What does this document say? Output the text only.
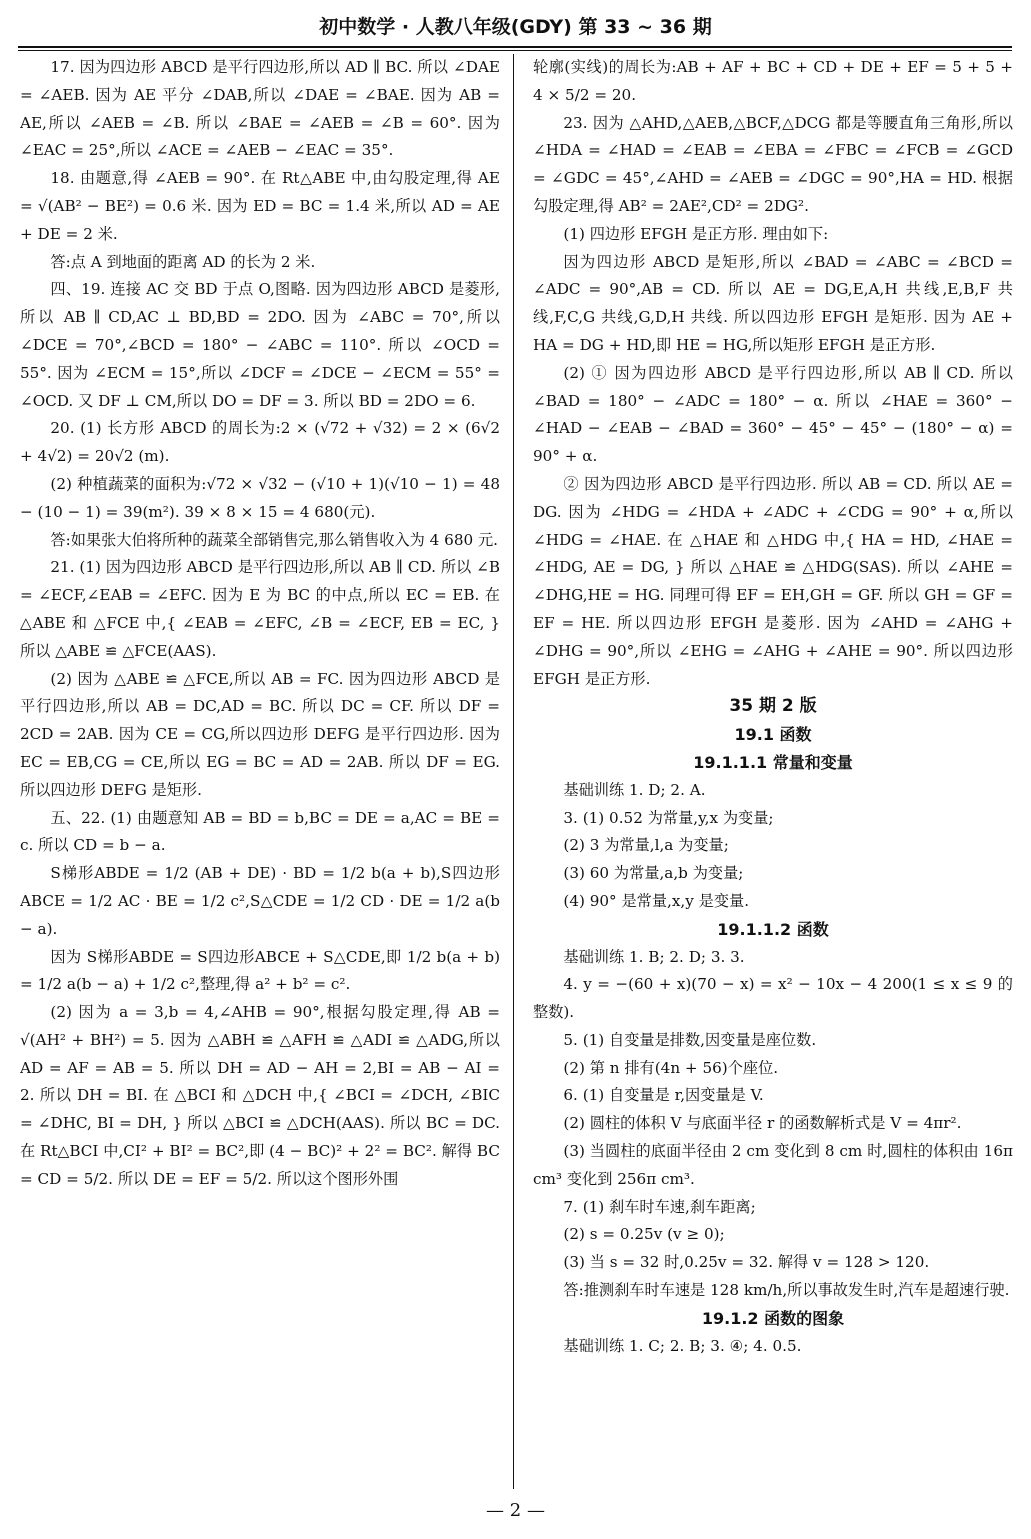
初中数学 · 人教八年级(GDY) 第 33 ~ 36 期

17. 因为四边形 ABCD 是平行四边形,所以 AD ∥ BC. 所以 ∠DAE = ∠AEB. 因为 AE 平分 ∠DAB,所以 ∠DAE = ∠BAE. 因为 AB = AE,所以 ∠AEB = ∠B. 所以 ∠BAE = ∠AEB = ∠B = 60°. 因为 ∠EAC = 25°,所以 ∠ACE = ∠AEB − ∠EAC = 35°.

18. 由题意,得 ∠AEB = 90°. 在 Rt△ABE 中,由勾股定理,得 AE = √(AB² − BE²) = 0.6 米. 因为 ED = BC = 1.4 米,所以 AD = AE + DE = 2 米.

答:点 A 到地面的距离 AD 的长为 2 米.

四、19. 连接 AC 交 BD 于点 O,图略. 因为四边形 ABCD 是菱形,所以 AB ∥ CD,AC ⊥ BD,BD = 2DO. 因为 ∠ABC = 70°,所以 ∠DCE = 70°,∠BCD = 180° − ∠ABC = 110°. 所以 ∠OCD = 55°. 因为 ∠ECM = 15°,所以 ∠DCF = ∠DCE − ∠ECM = 55° = ∠OCD. 又 DF ⊥ CM,所以 DO = DF = 3. 所以 BD = 2DO = 6.

20. (1) 长方形 ABCD 的周长为:2 × (√72 + √32) = 2 × (6√2 + 4√2) = 20√2 (m).

(2) 种植蔬菜的面积为:√72 × √32 − (√10 + 1)(√10 − 1) = 48 − (10 − 1) = 39(m²). 39 × 8 × 15 = 4 680(元).

答:如果张大伯将所种的蔬菜全部销售完,那么销售收入为 4 680 元.

21. (1) 因为四边形 ABCD 是平行四边形,所以 AB ∥ CD. 所以 ∠B = ∠ECF,∠EAB = ∠EFC. 因为 E 为 BC 的中点,所以 EC = EB. 在 △ABE 和 △FCE 中,{ ∠EAB = ∠EFC, ∠B = ∠ECF, EB = EC, } 所以 △ABE ≌ △FCE(AAS).

(2) 因为 △ABE ≌ △FCE,所以 AB = FC. 因为四边形 ABCD 是平行四边形,所以 AB = DC,AD = BC. 所以 DC = CF. 所以 DF = 2CD = 2AB. 因为 CE = CG,所以四边形 DEFG 是平行四边形. 因为 EC = EB,CG = CE,所以 EG = BC = AD = 2AB. 所以 DF = EG. 所以四边形 DEFG 是矩形.

五、22. (1) 由题意知 AB = BD = b,BC = DE = a,AC = BE = c. 所以 CD = b − a.

S梯形ABDE = 1/2 (AB + DE) · BD = 1/2 b(a + b),S四边形ABCE = 1/2 AC · BE = 1/2 c²,S△CDE = 1/2 CD · DE = 1/2 a(b − a).

因为 S梯形ABDE = S四边形ABCE + S△CDE,即 1/2 b(a + b) = 1/2 a(b − a) + 1/2 c²,整理,得 a² + b² = c².

(2) 因为 a = 3,b = 4,∠AHB = 90°,根据勾股定理,得 AB = √(AH² + BH²) = 5. 因为 △ABH ≌ △AFH ≌ △ADI ≌ △ADG,所以 AD = AF = AB = 5. 所以 DH = AD − AH = 2,BI = AB − AI = 2. 所以 DH = BI. 在 △BCI 和 △DCH 中,{ ∠BCI = ∠DCH, ∠BIC = ∠DHC, BI = DH, } 所以 △BCI ≌ △DCH(AAS). 所以 BC = DC. 在 Rt△BCI 中,CI² + BI² = BC²,即 (4 − BC)² + 2² = BC². 解得 BC = CD = 5/2. 所以 DE = EF = 5/2. 所以这个图形外围

轮廓(实线)的周长为:AB + AF + BC + CD + DE + EF = 5 + 5 + 4 × 5/2 = 20.

23. 因为 △AHD,△AEB,△BCF,△DCG 都是等腰直角三角形,所以 ∠HDA = ∠HAD = ∠EAB = ∠EBA = ∠FBC = ∠FCB = ∠GCD = ∠GDC = 45°,∠AHD = ∠AEB = ∠DGC = 90°,HA = HD. 根据勾股定理,得 AB² = 2AE²,CD² = 2DG².

(1) 四边形 EFGH 是正方形. 理由如下:

因为四边形 ABCD 是矩形,所以 ∠BAD = ∠ABC = ∠BCD = ∠ADC = 90°,AB = CD. 所以 AE = DG,E,A,H 共线,E,B,F 共线,F,C,G 共线,G,D,H 共线. 所以四边形 EFGH 是矩形. 因为 AE + HA = DG + HD,即 HE = HG,所以矩形 EFGH 是正方形.

(2) ① 因为四边形 ABCD 是平行四边形,所以 AB ∥ CD. 所以 ∠BAD = 180° − ∠ADC = 180° − α. 所以 ∠HAE = 360° − ∠HAD − ∠EAB − ∠BAD = 360° − 45° − 45° − (180° − α) = 90° + α.

② 因为四边形 ABCD 是平行四边形. 所以 AB = CD. 所以 AE = DG. 因为 ∠HDG = ∠HDA + ∠ADC + ∠CDG = 90° + α,所以 ∠HDG = ∠HAE. 在 △HAE 和 △HDG 中,{ HA = HD, ∠HAE = ∠HDG, AE = DG, } 所以 △HAE ≌ △HDG(SAS). 所以 ∠AHE = ∠DHG,HE = HG. 同理可得 EF = EH,GH = GF. 所以 GH = GF = EF = HE. 所以四边形 EFGH 是菱形. 因为 ∠AHD = ∠AHG + ∠DHG = 90°,所以 ∠EHG = ∠AHG + ∠AHE = 90°. 所以四边形 EFGH 是正方形.

35 期 2 版

19.1 函数

19.1.1.1 常量和变量

基础训练 1. D; 2. A.

3. (1) 0.52 为常量,y,x 为变量;

(2) 3 为常量,l,a 为变量;

(3) 60 为常量,a,b 为变量;

(4) 90° 是常量,x,y 是变量.

19.1.1.2 函数

基础训练 1. B; 2. D; 3. 3.

4. y = −(60 + x)(70 − x) = x² − 10x − 4 200(1 ≤ x ≤ 9 的整数).

5. (1) 自变量是排数,因变量是座位数.

(2) 第 n 排有(4n + 56)个座位.

6. (1) 自变量是 r,因变量是 V.

(2) 圆柱的体积 V 与底面半径 r 的函数解析式是 V = 4πr².

(3) 当圆柱的底面半径由 2 cm 变化到 8 cm 时,圆柱的体积由 16π cm³ 变化到 256π cm³.

7. (1) 刹车时车速,刹车距离;

(2) s = 0.25v (v ≥ 0);

(3) 当 s = 32 时,0.25v = 32. 解得 v = 128 > 120.

答:推测刹车时车速是 128 km/h,所以事故发生时,汽车是超速行驶.

19.1.2 函数的图象

基础训练 1. C; 2. B; 3. ④; 4. 0.5.

— 2 —
